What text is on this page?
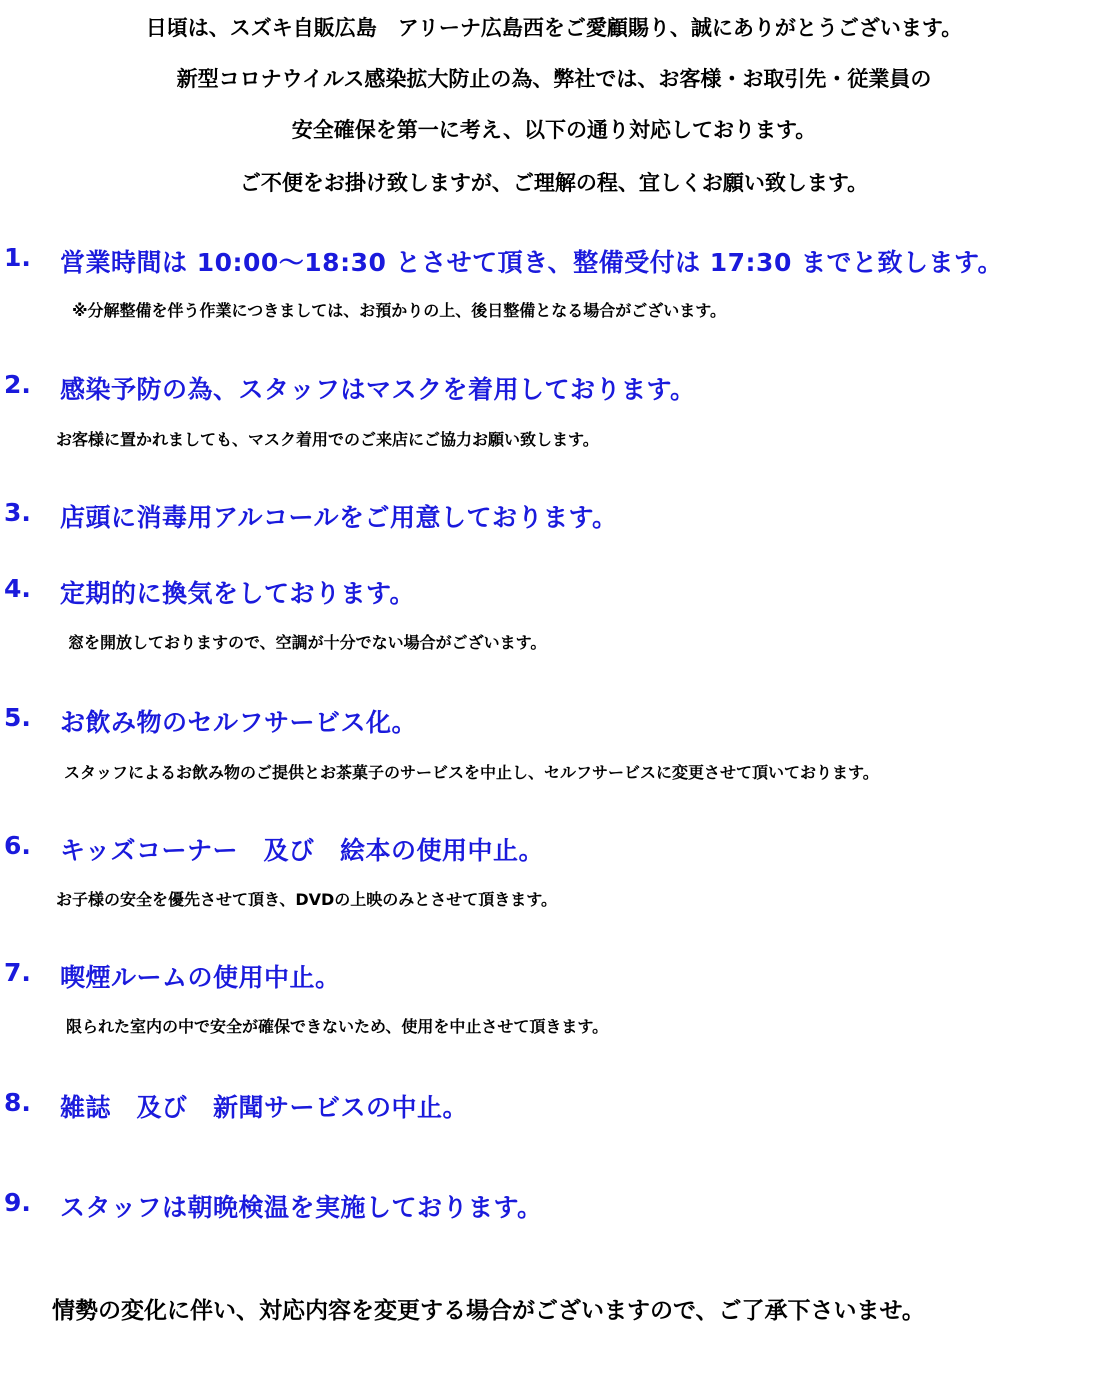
日頃は、スズキ自販広島　アリーナ広島西をご愛顧賜り、誠にありがとうございます。
新型コロナウイルス感染拡大防止の為、弊社では、お客様・お取引先・従業員の
安全確保を第一に考え、以下の通り対応しております。
ご不便をお掛け致しますが、ご理解の程、宜しくお願い致します。
1. 営業時間は 10:00～18:30 とさせて頂き、整備受付は 17:30 までと致します。
※分解整備を伴う作業につきましては、お預かりの上、後日整備となる場合がございます。
2. 感染予防の為、スタッフはマスクを着用しております。
お客様に置かれましても、マスク着用でのご来店にご協力お願い致します。
3. 店頭に消毒用アルコールをご用意しております。
4. 定期的に換気をしております。
窓を開放しておりますので、空調が十分でない場合がございます。
5. お飲み物のセルフサービス化。
スタッフによるお飲み物のご提供とお茶菓子のサービスを中止し、セルフサービスに変更させて頂いております。
6. キッズコーナー　及び　絵本の使用中止。
お子様の安全を優先させて頂き、DVDの上映のみとさせて頂きます。
7. 喫煙ルームの使用中止。
限られた室内の中で安全が確保できないため、使用を中止させて頂きます。
8. 雑誌　及び　新聞サービスの中止。
9. スタッフは朝晩検温を実施しております。
情勢の変化に伴い、対応内容を変更する場合がございますので、ご了承下さいませ。
